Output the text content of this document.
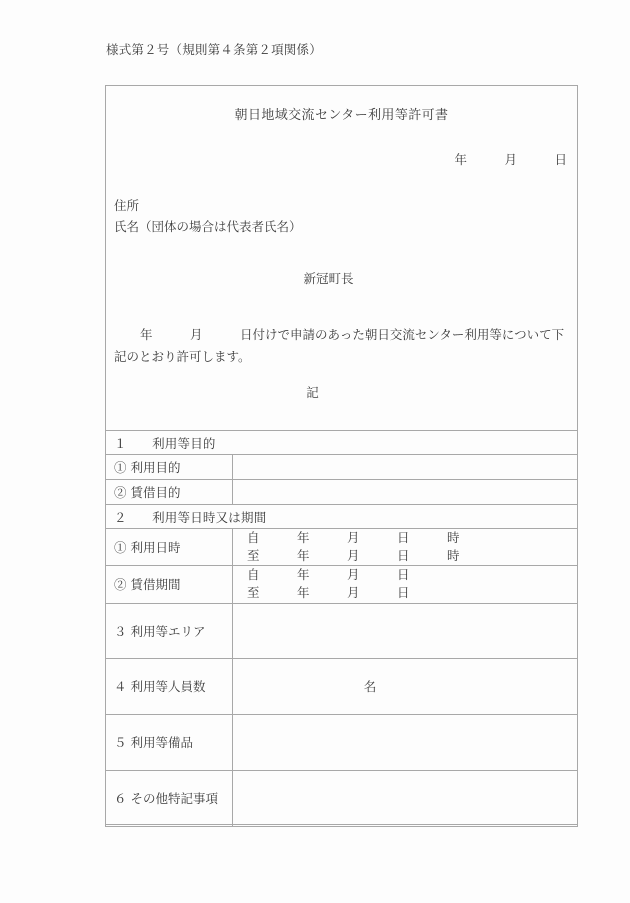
様式第２号（規則第４条第２項関係）
朝日地域交流センター利用等許可書
年　　　月　　　日
住所
氏名（団体の場合は代表者氏名）
新冠町長
年　　　月　　　日付けで申請のあった朝日交流センター利用等について下記のとおり許可します。
記
１　　利用等目的	
① 利用目的	
② 賃借目的	
２　　利用等日時又は期間	
① 利用日時	自　　　年　　　月　　　日　　　時
至　　　年　　　月　　　日　　　時

② 賃借期間	自　　　年　　　月　　　日
至　　　年　　　月　　　日

３ 利用等エリア	
４ 利用等人員数	名

５ 利用等備品	
６ その他特記事項	
